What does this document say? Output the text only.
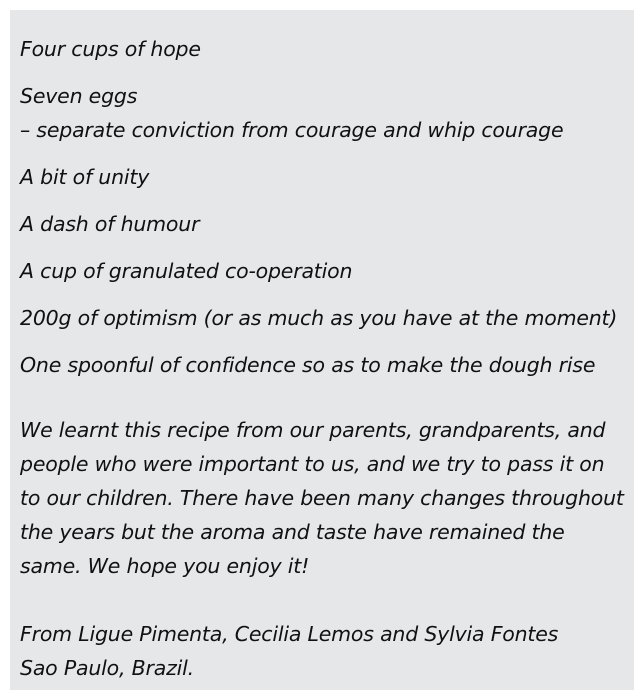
Four cups of hope
Seven eggs
– separate conviction from courage and whip courage
A bit of unity
A dash of humour
A cup of granulated co-operation
200g of optimism (or as much as you have at the moment)
One spoonful of confidence so as to make the dough rise
We learnt this recipe from our parents, grandparents, and
people who were important to us, and we try to pass it on
to our children. There have been many changes throughout
the years but the aroma and taste have remained the
same. We hope you enjoy it!
From Ligue Pimenta, Cecilia Lemos and Sylvia Fontes
Sao Paulo, Brazil.
